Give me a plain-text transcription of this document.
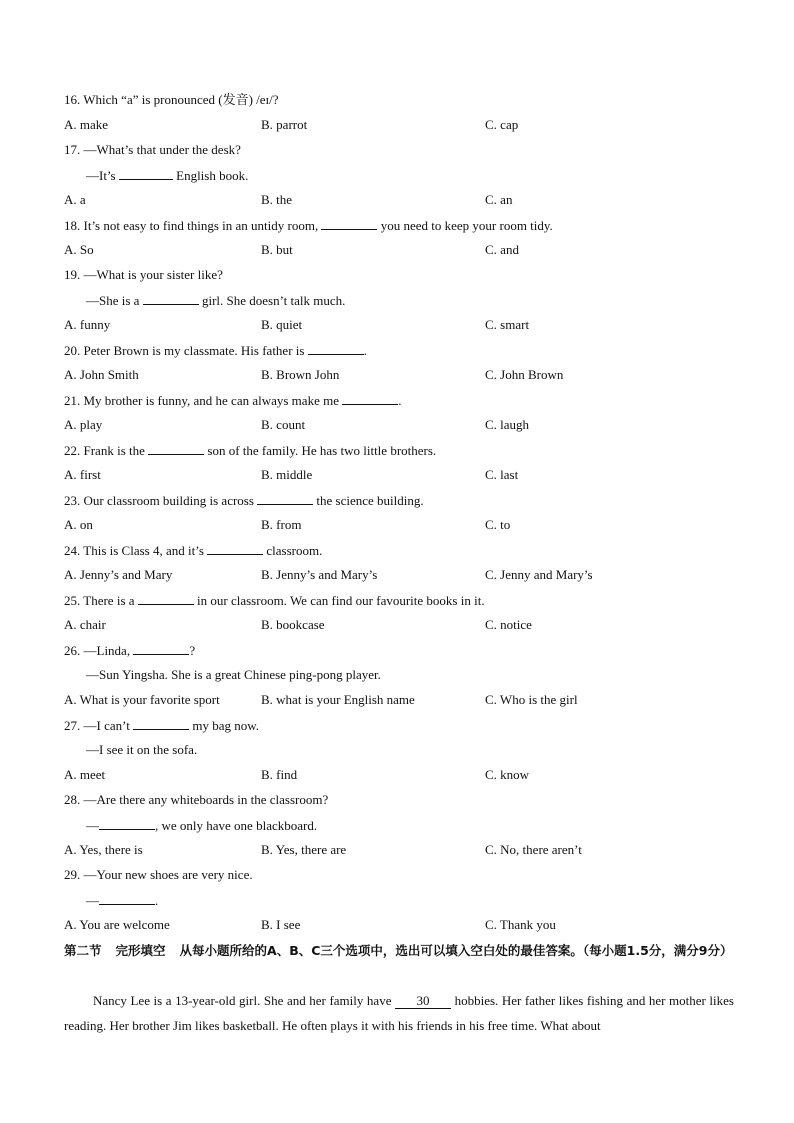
16. Which “a” is pronounced (发音) /eɪ/?
A. make	B. parrot	C. cap
17. —What’s that under the desk?
—It’s	English book.
A. a	B. the	C. an
18. It’s not easy to find things in an untidy room,	you need to keep your room tidy.
A. So	B. but	C. and
19. —What is your sister like?
—She is a	girl. She doesn’t talk much.
A. funny	B. quiet	C. smart
20. Peter Brown is my classmate. His father is	.
A. John Smith	B. Brown John	C. John Brown
21. My brother is funny, and he can always make me	.
A. play	B. count	C. laugh
22. Frank is the	son of the family. He has two little brothers.
A. first	B. middle	C. last
23. Our classroom building is across	the science building.
A. on	B. from	C. to
24. This is Class 4, and it’s	classroom.
A. Jenny’s and Mary	B. Jenny’s and Mary’s	C. Jenny and Mary’s
25. There is a	in our classroom. We can find our favourite books in it.
A. chair	B. bookcase	C. notice
26. —Linda,	?
—Sun Yingsha. She is a great Chinese ping-pong player.
A. What is your favorite sport	B. what is your English name	C. Who is the girl
27. —I can’t	my bag now.
—I see it on the sofa.
A. meet	B. find	C. know
28. —Are there any whiteboards in the classroom?
—	, we only have one blackboard.
A. Yes, there is	B. Yes, there are	C. No, there aren’t
29. —Your new shoes are very nice.
—	.
A. You are welcome	B. I see	C. Thank you
第二节 完形填空 从每小题所给的A、B、C三个选项中，选出可以填入空白处的最佳答案。（每小题1.5分，满分9分）
Nancy Lee is a 13-year-old girl. She and her family have 30 hobbies. Her father likes fishing and her mother likes reading. Her brother Jim likes basketball. He often plays it with his friends in his free time. What about
